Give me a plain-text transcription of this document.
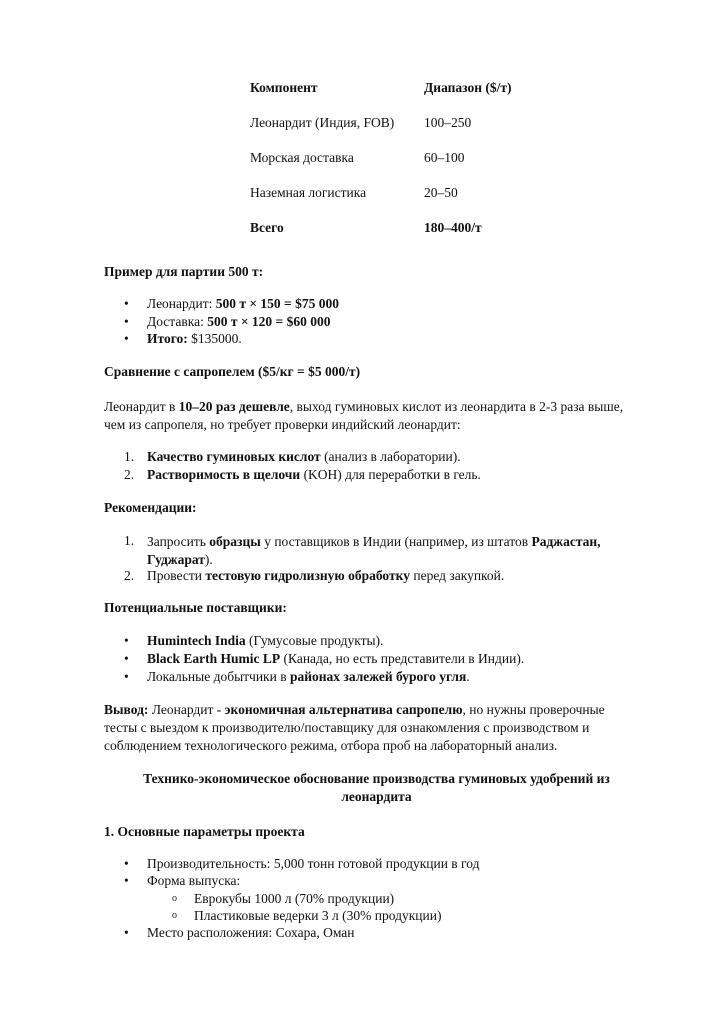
Компонент	Диапазон ($/т)
Леонардит (Индия, FOB) 100–250
Морская доставка	60–100
Наземная логистика	20–50
Всего	180–400/т
Пример для партии 500 т:
• Леонардит: 500 т × 150 = $75 000
• Доставка: 500 т × 120 = $60 000
• Итого: $135000.
Сравнение с сапропелем ($5/кг = $5 000/т)
Леонардит в 10–20 раз дешевле, выход гуминовых кислот из леонардита в 2-3 раза выше,
чем из сапропеля, но требует проверки индийский леонардит:
1. Качество гуминовых кислот (анализ в лаборатории).
2. Растворимость в щелочи (KOH) для переработки в гель.
Рекомендации:
1. Запросить образцы у поставщиков в Индии (например, из штатов Раджастан,
Гуджарат).
2. Провести тестовую гидролизную обработку перед закупкой.
Потенциальные поставщики:
• Humintech India (Гумусовые продукты).
• Black Earth Humic LP (Канада, но есть представители в Индии).
• Локальные добытчики в районах залежей бурого угля.
Вывод: Леонардит - экономичная альтернатива сапропелю, но нужны проверочные
тесты с выездом к производителю/поставщику для ознакомления с производством и
соблюдением технологического режима, отбора проб на лабораторный анализ.
Технико-экономическое обоснование производства гуминовых удобрений из
леонардита
1. Основные параметры проекта
• Производительность: 5,000 тонн готовой продукции в год
• Форма выпуска:
o Еврокубы 1000 л (70% продукции)
o Пластиковые ведерки 3 л (30% продукции)
• Место расположения: Сохара, Оман
